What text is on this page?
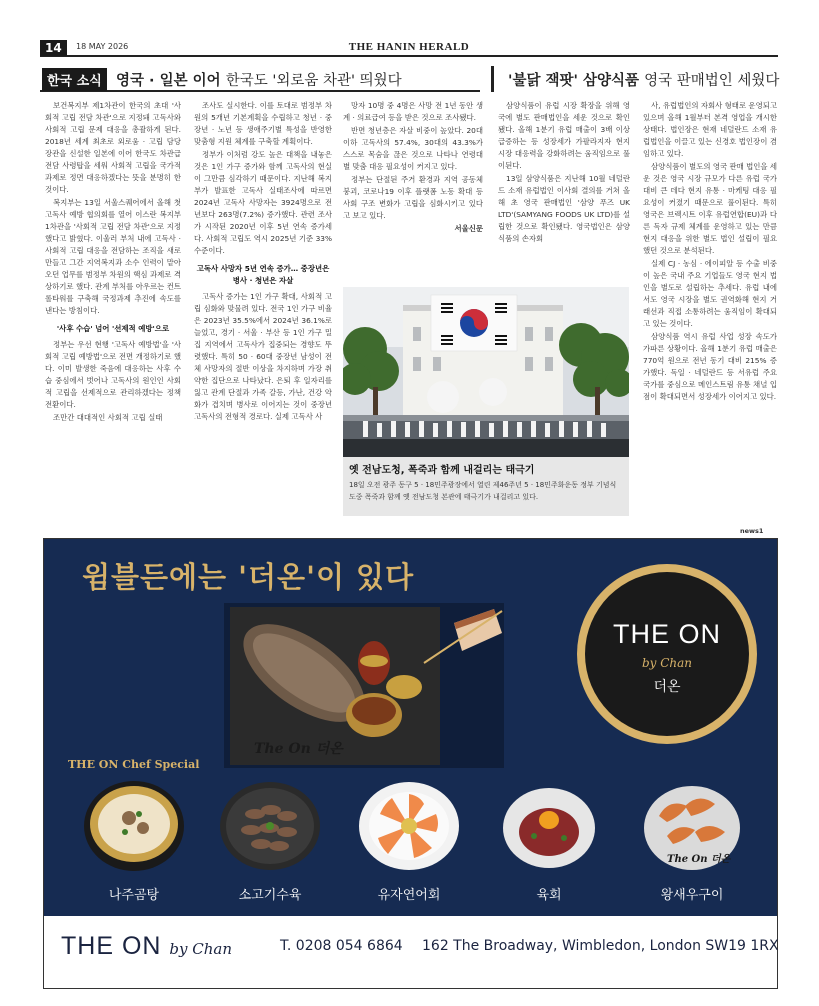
14	18 MAY 2026	THE HANIN HERALD
한국 소식 영국 · 일본 이어 한국도 '외로움 차관' 띄웠다	'불닭 잭팟' 삼양식품 영국 판매법인 세웠다

보건복지부 제1차관이 한국의 초대 '사회적 고립 전담 차관'으로 지정돼 고독사와 사회적 고립 문제 대응을 총괄하게 된다. 2018년 세계 최초로 외로움 · 고립 담당 장관을 신설한 일본에 이어 한국도 차관급 전담 사령탑을 세워 사회적 고립을 국가적 과제로 정면 대응하겠다는 뜻을 분명히 한 것이다.

복지부는 13일 서울스퀘어에서 올해 첫 고독사 예방 협의회를 열어 이스란 복지부 1차관을 '사회적 고립 전담 차관'으로 지정했다고 밝혔다. 이울러 부처 내에 고독사 · 사회적 고립 대응을 전담하는 조직을 새로 만들고 그간 지역복지과 소수 인력이 맡아오던 업무를 범정부 차원의 핵심 과제로 격상하기로 했다. 관계 부처를 아우르는 컨트롤타워를 구축해 국정과제 추진에 속도를 낸다는 방침이다.

'사후 수습' 넘어 '선제적 예방'으로

정부는 우선 현행 '고독사 예방법'을 '사회적 고립 예방법'으로 전면 개정하기로 했다. 이미 발생한 죽음에 대응하는 사후 수습 중심에서 벗어나 고독사의 원인인 사회적 고립을 선제적으로 관리하겠다는 정책 전환이다.

조만간 대대적인 사회적 고립 실태

조사도 실시한다. 이를 토대로 범정부 차원의 5개년 기본계획을 수립하고 청년 · 중장년 · 노년 등 생애주기별 특성을 반영한 맞춤형 지원 체계를 구축할 계획이다.

정부가 이처럼 강도 높은 대책을 내놓은 것은 1인 가구 증가와 함께 고독사의 현실이 그만큼 심각하기 때문이다. 지난해 복지부가 발표한 고독사 실태조사에 따르면 2024년 고독사 사망자는 3924명으로 전년보다 263명(7.2%) 증가했다. 관련 조사가 시작된 2020년 이후 5년 연속 증가세다. 사회적 고립도 역시 2025년 기준 33% 수준이다.

고독사 사망자 5년 연속 증가… 중장년은 병사 · 청년은 자살

고독사 증가는 1인 가구 확대, 사회적 고립 심화와 맞물려 있다. 전국 1인 가구 비율은 2023년 35.5%에서 2024년 36.1%로 늘었고, 경기 · 서울 · 부산 등 1인 가구 밀집 지역에서 고독사가 집중되는 경향도 뚜렷했다. 특히 50 · 60대 중장년 남성이 전체 사망자의 절반 이상을 차지하며 가장 취약한 집단으로 나타났다. 은퇴 후 일자리를 잃고 관계 단절과 가족 갈등, 가난, 건강 악화가 겹치며 병사로 이어지는 것이 중장년 고독사의 전형적 경로다. 실제 고독사 사

망자 10명 중 4명은 사망 전 1년 동안 생계 · 의료급여 등을 받은 것으로 조사됐다.

반면 청년층은 자살 비중이 높았다. 20대 이하 고독사의 57.4%, 30대의 43.3%가 스스로 목숨을 끊은 것으로 나타나 연령대별 맞춤 대응 필요성이 커지고 있다.

정부는 단절된 주거 환경과 지역 공동체 붕괴, 코로나19 이후 플랫폼 노동 확대 등 사회 구조 변화가 고립을 심화시키고 있다고 보고 있다.

서울신문

삼양식품이 유럽 시장 확장을 위해 영국에 별도 판매법인을 세운 것으로 확인됐다. 올해 1분기 유럽 매출이 3배 이상 급증하는 등 성장세가 가팔라지자 현지 시장 대응력을 강화하려는 움직임으로 풀이된다.

13일 삼양식품은 지난해 10월 네덜란드 소재 유럽법인 이사회 결의를 거쳐 올해 초 영국 판매법인 '삼양 푸즈 UK LTD'(SAMYANG FOODS UK LTD)를 설립한 것으로 확인됐다. 영국법인은 삼양식품의 손자회

사, 유럽법인의 자회사 형태로 운영되고 있으며 올해 1월부터 본격 영업을 개시한 상태다. 법인장은 현재 네덜란드 소재 유럽법인을 이끌고 있는 신경호 법인장이 겸임하고 있다.

삼양식품이 별도의 영국 판매 법인을 세운 것은 영국 시장 규모가 다른 유럽 국가 대비 큰 데다 현지 유통 · 마케팅 대응 필요성이 커졌기 때문으로 풀이된다. 특히 영국은 브렉시트 이후 유럽연합(EU)과 다른 독자 규제 체계를 운영하고 있는 만큼 현지 대응을 위한 별도 법인 설립이 필요했던 것으로 분석된다.

실제 CJ · 농심 · 에이피알 등 수출 비중이 높은 국내 주요 기업들도 영국 현지 법인을 별도로 설립하는 추세다. 유럽 내에서도 영국 시장을 별도 권역화해 현지 거래선과 직접 소통하려는 움직임이 확대되고 있는 것이다.

삼양식품 역시 유럽 사업 성장 속도가 가파른 상황이다. 올해 1분기 유럽 매출은 770억 원으로 전년 동기 대비 215% 증가했다. 독일 · 네덜란드 등 서유럽 주요 국가를 중심으로 메인스트림 유통 채널 입점이 확대되면서 성장세가 이어지고 있다.

옛 전남도청, 폭죽과 함께 내걸리는 태극기
18일 오전 광주 동구 5 · 18민주광장에서 열린 제46주년 5 · 18민주화운동 정부 기념식 도중 폭죽과 함께 옛 전남도청 본관에 태극기가 내걸리고 있다.
news1
윔블든에는 '더온'이 있다
The On 더온
THE ON
by Chan
더온
THE ON Chef Special
The On 더온
나주곰탕	소고기수육	유자연어회	육회	왕새우구이
THE ON by Chan	T. 0208 054 6864 162 The Broadway, Wimbledon, London SW19 1RX
